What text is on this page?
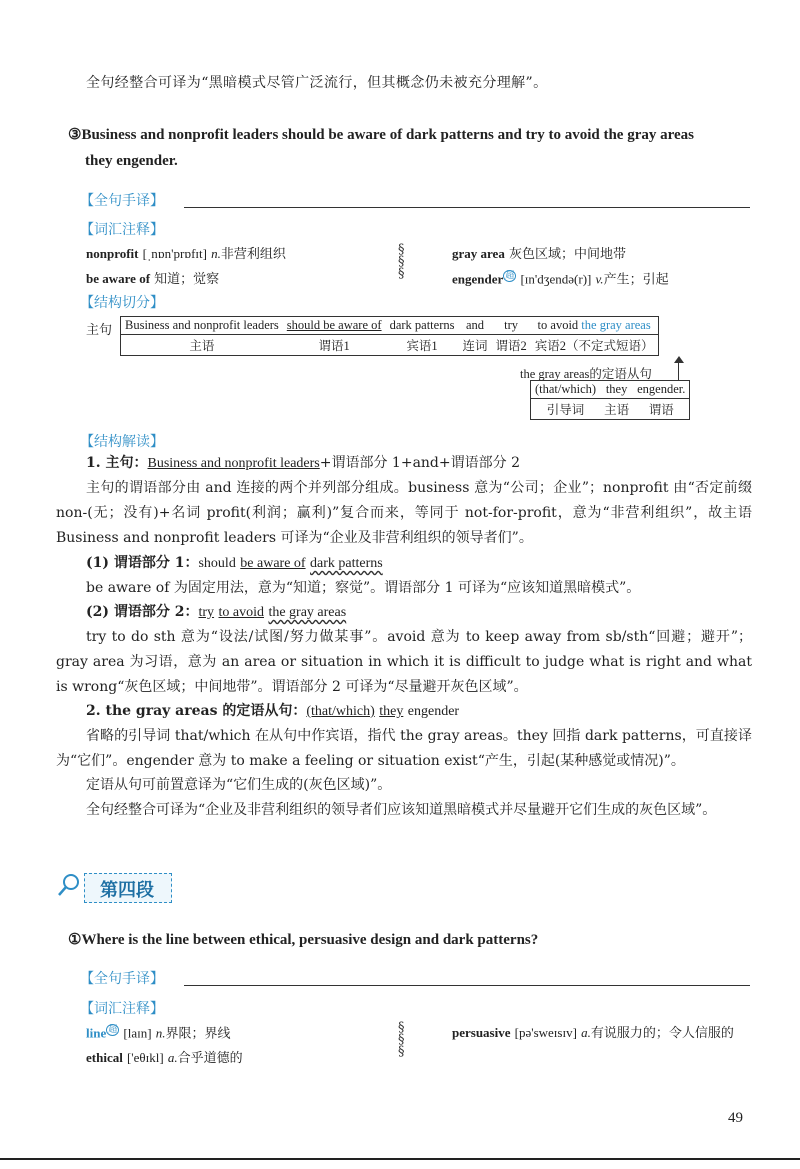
全句经整合可译为“黑暗模式尽管广泛流行，但其概念仍未被充分理解”。
③Business and nonprofit leaders should be aware of dark patterns and try to avoid the gray areas
they engender.
【全句手译】
【词汇注释】
nonprofit [ˌnɒn'prɒfɪt] n.非营利组织
be aware of 知道；觉察
§
§
§
gray area 灰色区域；中间地带
engender $^超$ [ɪn'dʒendə(r)] v.产生；引起
【结构切分】
主句 Business and nonprofit leaders	should be aware of	dark patterns	and	try	to avoid the gray areas
主语	谓语1	宾语1	连词	谓语2	宾语2（不定式短语）
the gray areas的定语从句
(that/which)	they	engender.
引导词	主语	谓语
【结构解读】
1. 主句：Business and nonprofit leaders+谓语部分 1+and+谓语部分 2
主句的谓语部分由 and 连接的两个并列部分组成。business 意为“公司；企业”；nonprofit 由“否定前缀 non-(无；没有)+名词 profit(利润；赢利)”复合而来，等同于 not-for-profit，意为“非营利组织”，故主语 Business and nonprofit leaders 可译为“企业及非营利组织的领导者们”。
(1) 谓语部分 1：should be aware of dark patterns
be aware of 为固定用法，意为“知道；察觉”。谓语部分 1 可译为“应该知道黑暗模式”。
(2) 谓语部分 2：try to avoid the gray areas
try to do sth 意为“设法/试图/努力做某事”。avoid 意为 to keep away from sb/sth“回避；避开”；gray area 为习语，意为 an area or situation in which it is difficult to judge what is right and what is wrong“灰色区域；中间地带”。谓语部分 2 可译为“尽量避开灰色区域”。
2. the gray areas 的定语从句：(that/which) they engender
省略的引导词 that/which 在从句中作宾语，指代 the gray areas。they 回指 dark patterns，可直接译为“它们”。engender 意为 to make a feeling or situation exist“产生，引起(某种感觉或情况)”。
定语从句可前置意译为“它们生成的(灰色区域)”。
全句经整合可译为“企业及非营利组织的领导者们应该知道黑暗模式并尽量避开它们生成的灰色区域”。
第四段
①Where is the line between ethical, persuasive design and dark patterns?
【全句手译】
【词汇注释】
line $^超$ [laɪn] n.界限；界线
ethical ['eθɪkl] a.合乎道德的
§
§
§
persuasive [pə'sweɪsɪv] a.有说服力的；令人信服的
49
